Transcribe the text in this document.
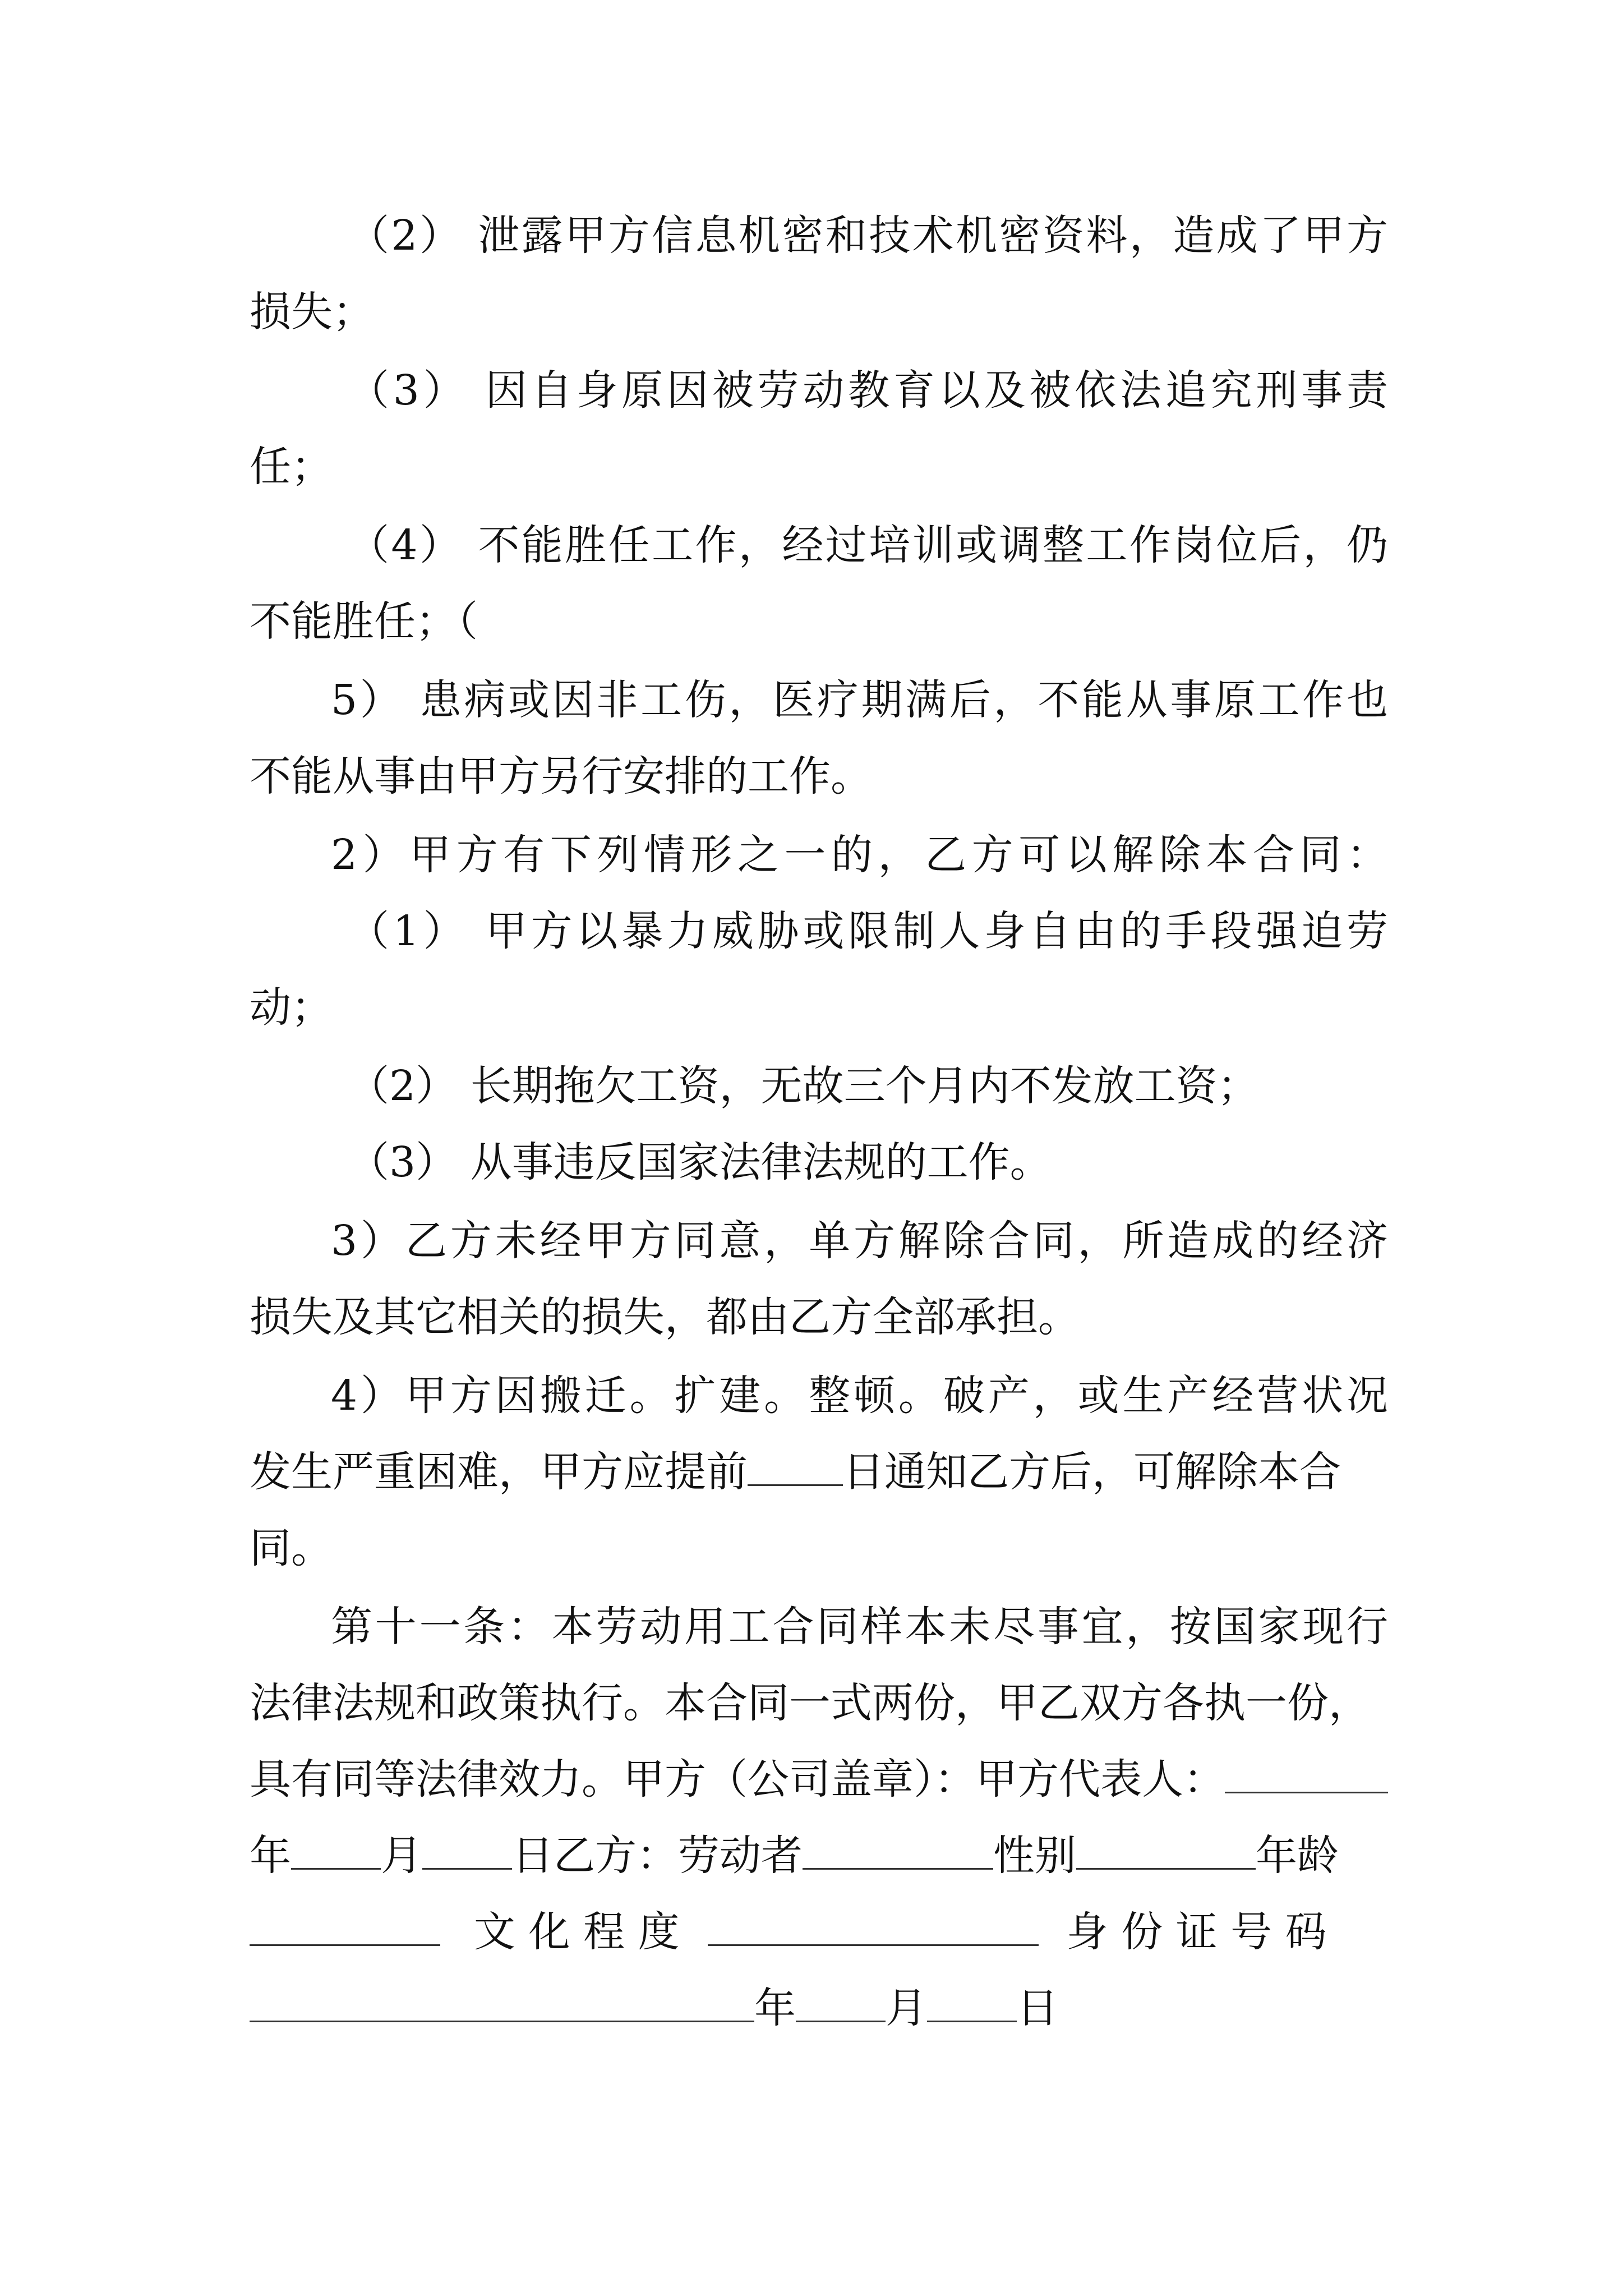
（2） 泄露甲方信息机密和技术机密资料，造成了甲方
损失；
（3） 因自身原因被劳动教育以及被依法追究刑事责
任；
（4） 不能胜任工作，经过培训或调整工作岗位后，仍
不能胜任；（
5） 患病或因非工伤，医疗期满后，不能从事原工作也
不能从事由甲方另行安排的工作。
2）甲方有下列情形之一的，乙方可以解除本合同：
（1） 甲方以暴力威胁或限制人身自由的手段强迫劳
动；
（2） 长期拖欠工资，无故三个月内不发放工资；
（3） 从事违反国家法律法规的工作。
3）乙方未经甲方同意，单方解除合同，所造成的经济
损失及其它相关的损失，都由乙方全部承担。
4）甲方因搬迁。扩建。整顿。破产，或生产经营状况
发生严重困难，甲方应提前 日通知乙方后，可解除本合
同。
第十一条：本劳动用工合同样本未尽事宜，按国家现行
法律法规和政策执行。本合同一式两份，甲乙双方各执一份，
具有同等法律效力。甲方（公司盖章）：甲方代表人：
年 月 日乙方：劳动者	性别	年龄
文 化 程 度	身 份 证 号 码
年 月 日
